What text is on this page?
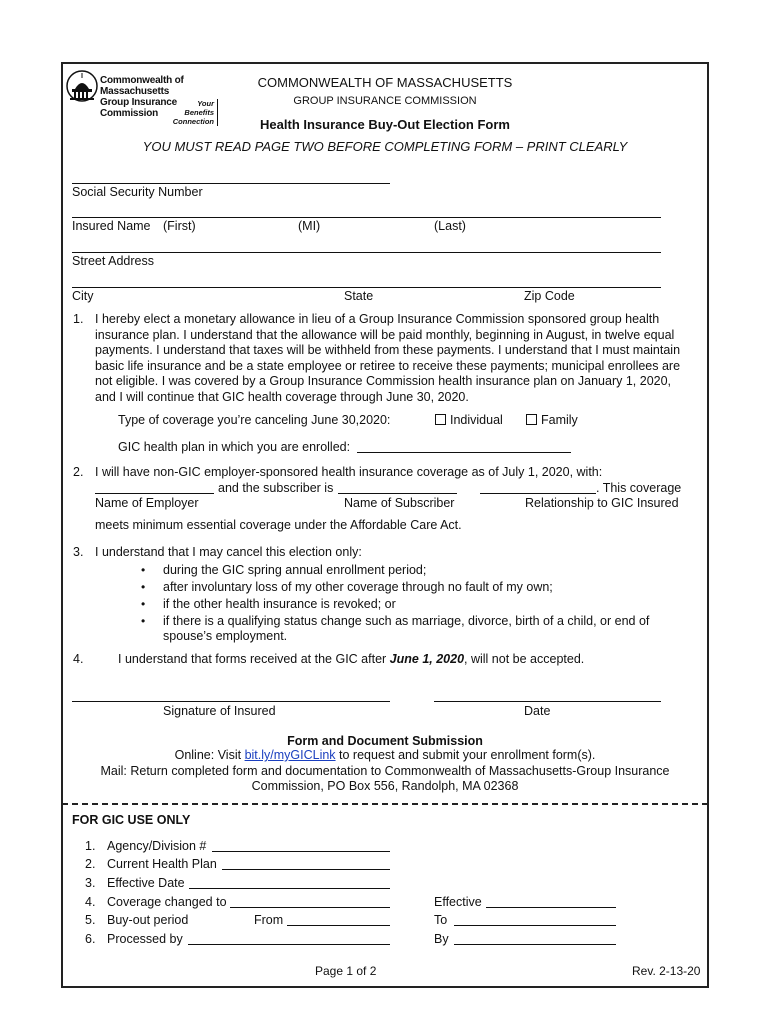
Commonwealth of Massachusetts
Group Insurance Commission
Your
Benefits
Connection
COMMONWEALTH OF MASSACHUSETTS
GROUP INSURANCE COMMISSION
Health Insurance Buy-Out Election Form
YOU MUST READ PAGE TWO BEFORE COMPLETING FORM – PRINT CLEARLY
Social Security Number
Insured Name (First)	(MI)	(Last)
Street Address
City	State	Zip Code
1. I hereby elect a monetary allowance in lieu of a Group Insurance Commission sponsored group health insurance plan. I understand that the allowance will be paid monthly, beginning in August, in twelve equal payments. I understand that taxes will be withheld from these payments. I understand that I must maintain basic life insurance and be a state employee or retiree to receive these payments; municipal enrollees are not eligible. I was covered by a Group Insurance Commission health insurance plan on January 1, 2020, and I will continue that GIC health coverage through June 30, 2020.
Type of coverage you’re canceling June 30,2020:	Individual	Family
GIC health plan in which you are enrolled:
2. I will have non-GIC employer-sponsored health insurance coverage as of July 1, 2020, with:
and the subscriber is	. This coverage
Name of Employer	Name of Subscriber	Relationship to GIC Insured
meets minimum essential coverage under the Affordable Care Act.
3. I understand that I may cancel this election only:
• during the GIC spring annual enrollment period;
• after involuntary loss of my other coverage through no fault of my own;
• if the other health insurance is revoked; or
• if there is a qualifying status change such as marriage, divorce, birth of a child, or end of spouse’s employment.
4.	I understand that forms received at the GIC after June 1, 2020, will not be accepted.
Signature of Insured	Date
Form and Document Submission
Online: Visit bit.ly/myGICLink to request and submit your enrollment form(s).
Mail: Return completed form and documentation to Commonwealth of Massachusetts-Group Insurance
Commission, PO Box 556, Randolph, MA 02368
FOR GIC USE ONLY
1. Agency/Division #
2. Current Health Plan
3. Effective Date
4. Coverage changed to	Effective
5. Buy-out period	From	To
6. Processed by	By
Page 1 of 2	Rev. 2-13-20
